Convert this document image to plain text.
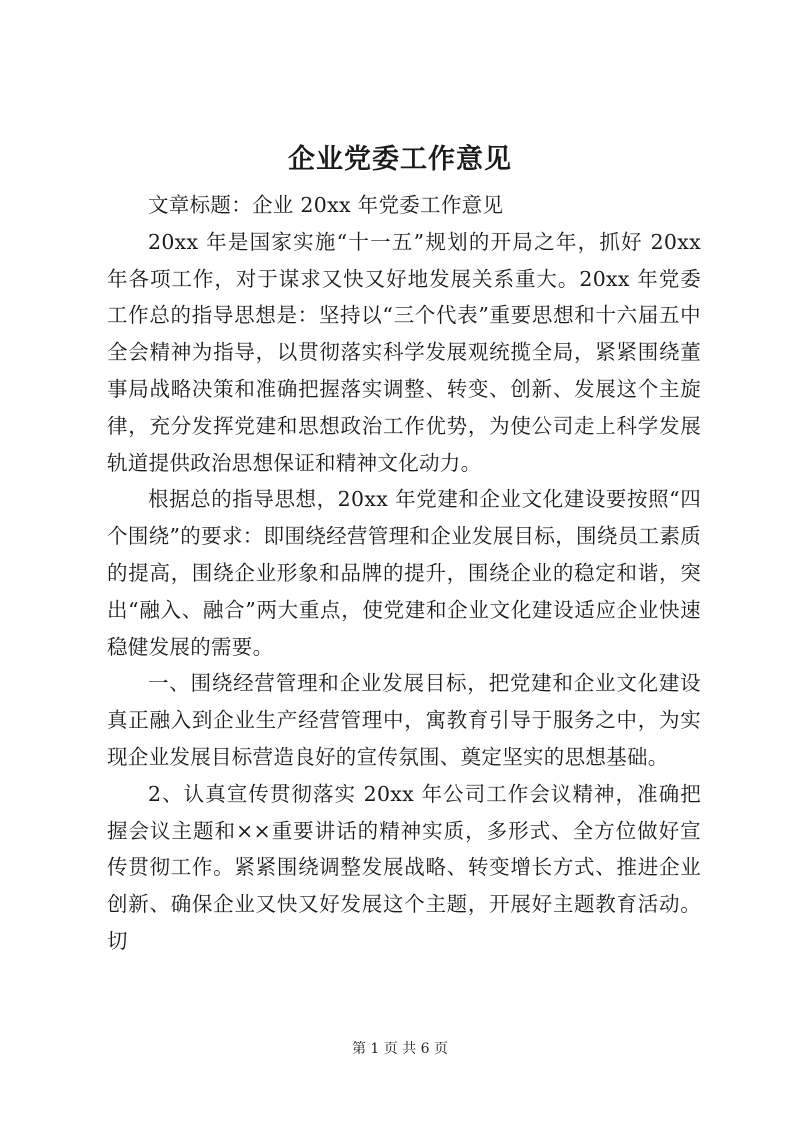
企业党委工作意见

文章标题：企业 20xx 年党委工作意见

20xx 年是国家实施“十一五”规划的开局之年，抓好 20xx 年各项工作，对于谋求又快又好地发展关系重大。20xx 年党委工作总的指导思想是：坚持以“三个代表”重要思想和十六届五中全会精神为指导，以贯彻落实科学发展观统揽全局，紧紧围绕董事局战略决策和准确把握落实调整、转变、创新、发展这个主旋律，充分发挥党建和思想政治工作优势，为使公司走上科学发展轨道提供政治思想保证和精神文化动力。

根据总的指导思想，20xx 年党建和企业文化建设要按照“四个围绕”的要求：即围绕经营管理和企业发展目标，围绕员工素质的提高，围绕企业形象和品牌的提升，围绕企业的稳定和谐，突出“融入、融合”两大重点，使党建和企业文化建设适应企业快速稳健发展的需要。

一、围绕经营管理和企业发展目标，把党建和企业文化建设真正融入到企业生产经营管理中，寓教育引导于服务之中，为实现企业发展目标营造良好的宣传氛围、奠定坚实的思想基础。

2、认真宣传贯彻落实 20xx 年公司工作会议精神，准确把握会议主题和××重要讲话的精神实质，多形式、全方位做好宣传贯彻工作。紧紧围绕调整发展战略、转变增长方式、推进企业创新、确保企业又快又好发展这个主题，开展好主题教育活动。切

第 1 页 共 6 页
